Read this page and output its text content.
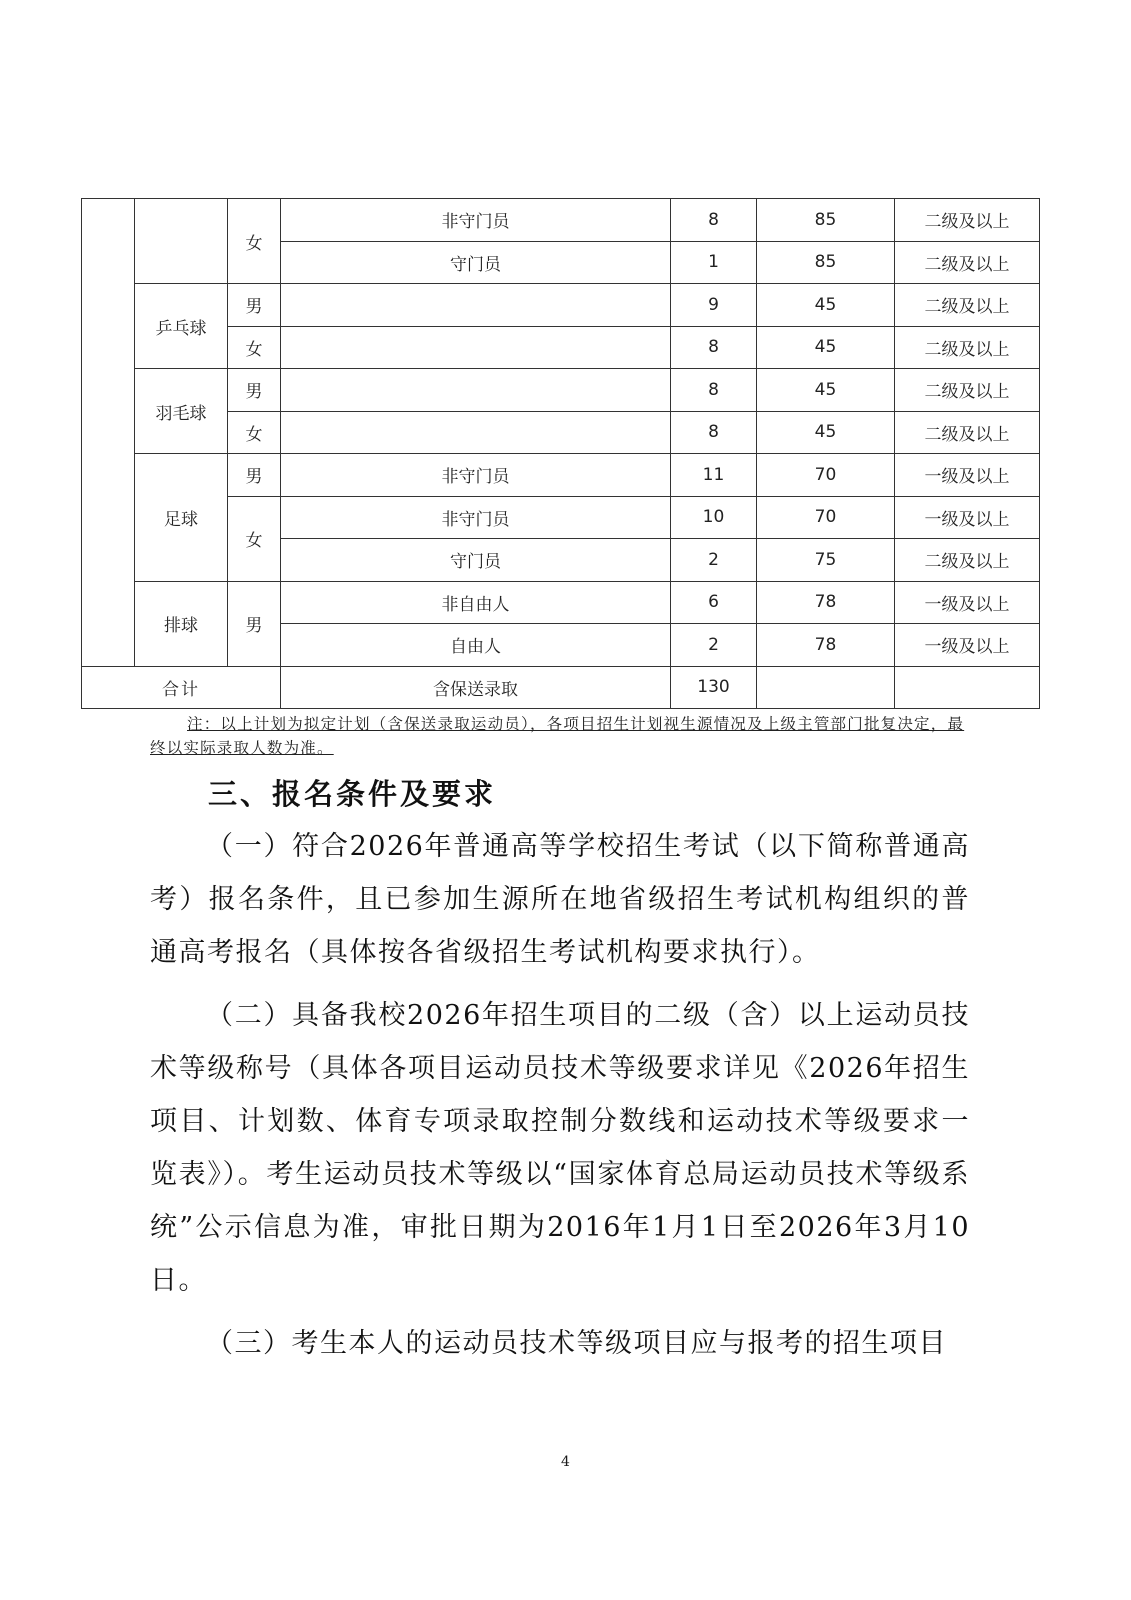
		女	非守门员	8	85	二级及以上
			守门员	1	85	二级及以上
	乒乓球	男		9	45	二级及以上
		女		8	45	二级及以上
	羽毛球	男		8	45	二级及以上
		女		8	45	二级及以上
	足球	男	非守门员	11	70	一级及以上
		女	非守门员	10	70	一级及以上
			守门员	2	75	二级及以上
	排球	男	非自由人	6	78	一级及以上
			自由人	2	78	一级及以上
合计			含保送录取	130		
注：以上计划为拟定计划（含保送录取运动员），各项目招生计划视生源情况及上级主管部门批复决定，最终以实际录取人数为准。
三、报名条件及要求

（一）符合2026年普通高等学校招生考试（以下简称普通高考）报名条件，且已参加生源所在地省级招生考试机构组织的普通高考报名（具体按各省级招生考试机构要求执行）。

（二）具备我校2026年招生项目的二级（含）以上运动员技术等级称号（具体各项目运动员技术等级要求详见《2026年招生项目、计划数、体育专项录取控制分数线和运动技术等级要求一览表》）。考生运动员技术等级以“国家体育总局运动员技术等级系统”公示信息为准，审批日期为2016年1月1日至2026年3月10日。

（三）考生本人的运动员技术等级项目应与报考的招生项目

4
